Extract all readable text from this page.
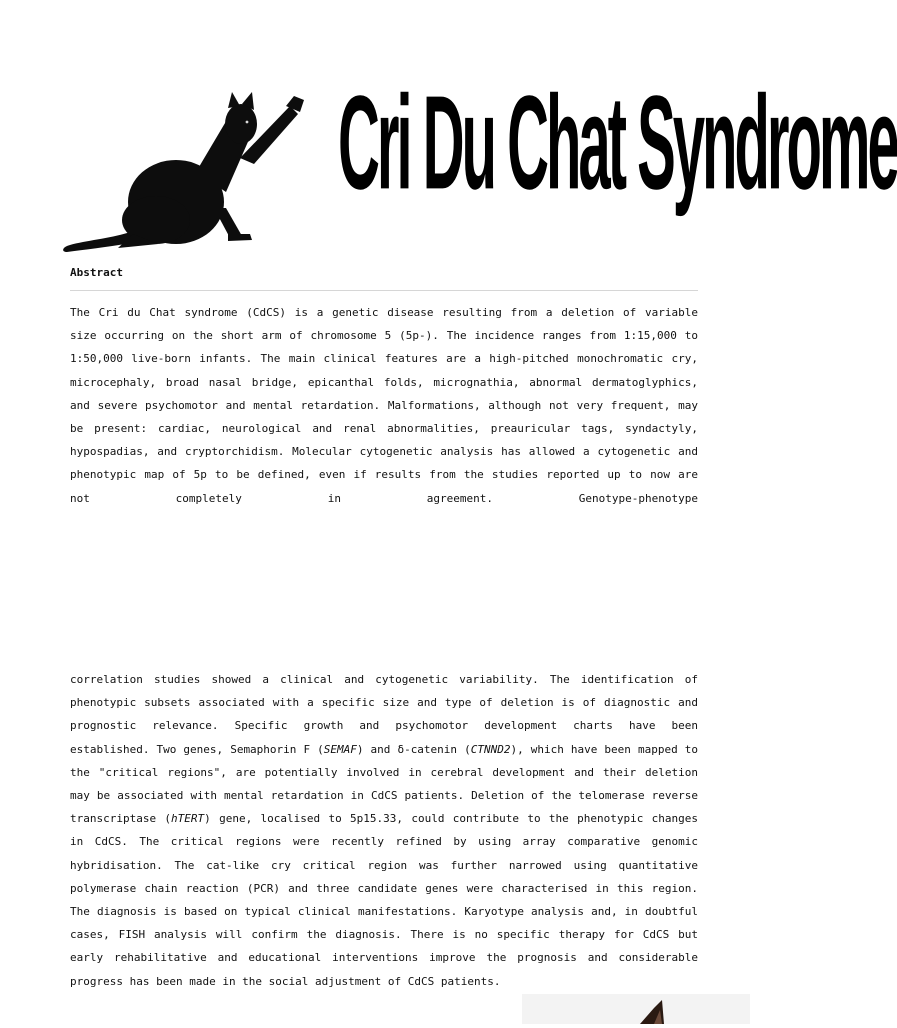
Cri Du Chat Syndrome
Abstract

The Cri du Chat syndrome (CdCS) is a genetic disease resulting from a deletion of variable size occurring on the short arm of chromosome 5 (5p-). The incidence ranges from 1:15,000 to 1:50,000 live-born infants. The main clinical features are a high-pitched monochromatic cry, microcephaly, broad nasal bridge, epicanthal folds, micrognathia, abnormal dermatoglyphics, and severe psychomotor and mental retardation. Malformations, although not very frequent, may be present: cardiac, neurological and renal abnormalities, preauricular tags, syndactyly, hypospadias, and cryptorchidism. Molecular cytogenetic analysis has allowed a cytogenetic and phenotypic map of 5p to be defined, even if results from the studies reported up to now are not completely in agreement. Genotype-phenotype

correlation studies showed a clinical and cytogenetic variability. The identification of phenotypic subsets associated with a specific size and type of deletion is of diagnostic and prognostic relevance. Specific growth and psychomotor development charts have been established. Two genes, Semaphorin F (SEMAF) and δ-catenin (CTNND2), which have been mapped to the "critical regions", are potentially involved in cerebral development and their deletion may be associated with mental retardation in CdCS patients. Deletion of the telomerase reverse transcriptase (hTERT) gene, localised to 5p15.33, could contribute to the phenotypic changes in CdCS. The critical regions were recently refined by using array comparative genomic hybridisation. The cat-like cry critical region was further narrowed using quantitative polymerase chain reaction (PCR) and three candidate genes were characterised in this region. The diagnosis is based on typical clinical manifestations. Karyotype analysis and, in doubtful cases, FISH analysis will confirm the diagnosis. There is no specific therapy for CdCS but early rehabilitative and educational interventions improve the prognosis and considerable progress has been made in the social adjustment of CdCS patients.
